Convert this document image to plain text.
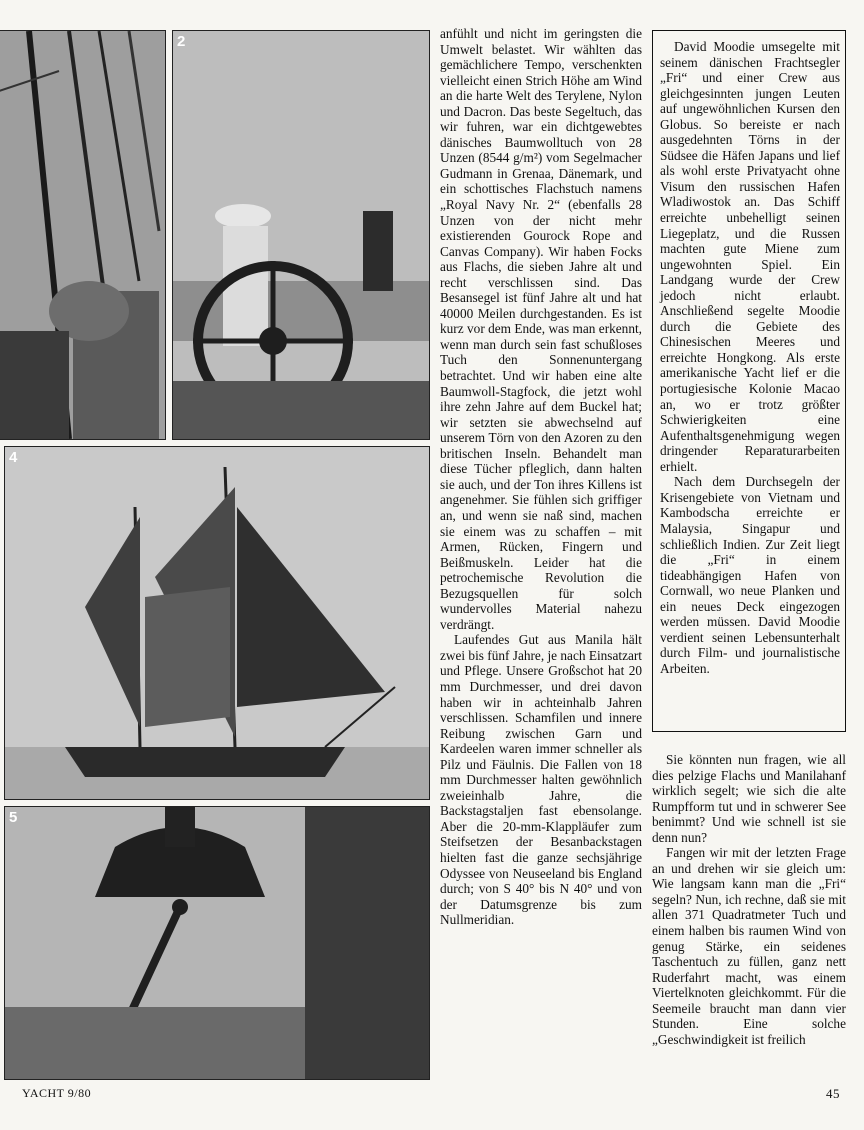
2
4
5

anfühlt und nicht im geringsten die Umwelt belastet. Wir wählten das gemächlichere Tempo, verschenkten vielleicht einen Strich Höhe am Wind an die harte Welt des Terylene, Nylon und Dacron. Das beste Segeltuch, das wir fuhren, war ein dichtgewebtes dänisches Baumwolltuch von 28 Unzen (8544 g/m²) vom Segelmacher Gudmann in Grenaa, Dänemark, und ein schottisches Flachstuch namens „Royal Navy Nr. 2“ (ebenfalls 28 Unzen von der nicht mehr existierenden Gourock Rope and Canvas Company). Wir haben Focks aus Flachs, die sieben Jahre alt und recht verschlissen sind. Das Besansegel ist fünf Jahre alt und hat 40000 Meilen durchgestanden. Es ist kurz vor dem Ende, was man erkennt, wenn man durch sein fast schußloses Tuch den Sonnenuntergang betrachtet. Und wir haben eine alte Baumwoll-Stagfock, die jetzt wohl ihre zehn Jahre auf dem Buckel hat; wir setzten sie abwechselnd auf unserem Törn von den Azoren zu den britischen Inseln. Behandelt man diese Tücher pfleglich, dann halten sie auch, und der Ton ihres Killens ist angenehmer. Sie fühlen sich griffiger an, und wenn sie naß sind, machen sie einem was zu schaffen – mit Armen, Rücken, Fingern und Beißmuskeln. Leider hat die petrochemische Revolution die Bezugsquellen für solch wundervolles Material nahezu verdrängt.

Laufendes Gut aus Manila hält zwei bis fünf Jahre, je nach Einsatzart und Pflege. Unsere Großschot hat 20 mm Durchmesser, und drei davon haben wir in achteinhalb Jahren verschlissen. Schamfilen und innere Reibung zwischen Garn und Kardeelen waren immer schneller als Pilz und Fäulnis. Die Fallen von 18 mm Durchmesser halten gewöhnlich zweieinhalb Jahre, die Backstagstaljen fast ebensolange. Aber die 20-mm-Klappläufer zum Steifsetzen der Besanbackstagen hielten fast die ganze sechsjährige Odyssee von Neuseeland bis England durch; von S 40° bis N 40° und von der Datumsgrenze bis zum Nullmeridian.

David Moodie umsegelte mit seinem dänischen Frachtsegler „Fri“ und einer Crew aus gleichgesinnten jungen Leuten auf ungewöhnlichen Kursen den Globus. So bereiste er nach ausgedehnten Törns in der Südsee die Häfen Japans und lief als wohl erste Privatyacht ohne Visum den russischen Hafen Wladiwostok an. Das Schiff erreichte unbehelligt seinen Liegeplatz, und die Russen machten gute Miene zum ungewohnten Spiel. Ein Landgang wurde der Crew jedoch nicht erlaubt. Anschließend segelte Moodie durch die Gebiete des Chinesischen Meeres und erreichte Hongkong. Als erste amerikanische Yacht lief er die portugiesische Kolonie Macao an, wo er trotz größter Schwierigkeiten eine Aufenthaltsgenehmigung wegen dringender Reparaturarbeiten erhielt.

Nach dem Durchsegeln der Krisengebiete von Vietnam und Kambodscha erreichte er Malaysia, Singapur und schließlich Indien. Zur Zeit liegt die „Fri“ in einem tideabhängigen Hafen von Cornwall, wo neue Planken und ein neues Deck eingezogen werden müssen. David Moodie verdient seinen Lebensunterhalt durch Film- und journalistische Arbeiten.

Sie könnten nun fragen, wie all dies pelzige Flachs und Manilahanf wirklich segelt; wie sich die alte Rumpfform tut und in schwerer See benimmt? Und wie schnell ist sie denn nun?

Fangen wir mit der letzten Frage an und drehen wir sie gleich um: Wie langsam kann man die „Fri“ segeln? Nun, ich rechne, daß sie mit allen 371 Quadratmeter Tuch und einem halben bis raumen Wind von genug Stärke, ein seidenes Taschentuch zu füllen, ganz nett Ruderfahrt macht, was einem Viertelknoten gleichkommt. Für die Seemeile braucht man dann vier Stunden. Eine solche „Geschwindigkeit ist freilich

YACHT 9/80	45
